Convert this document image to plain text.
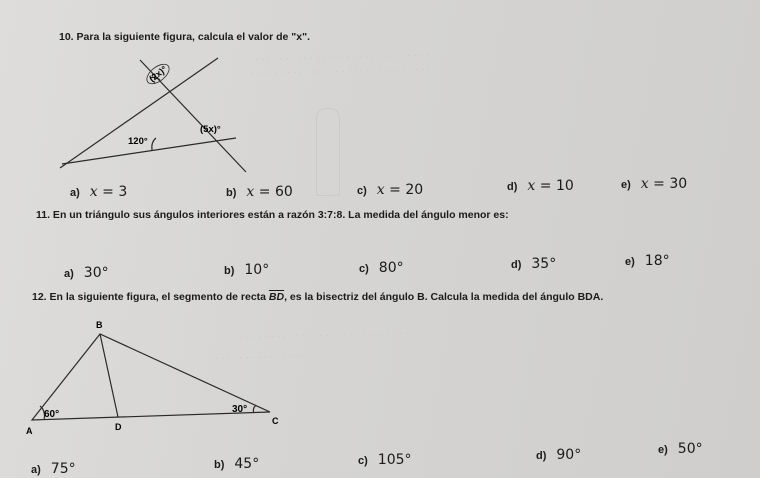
· · · · · · · · · · · · · · · · · · · · · · · · · · · · ·
· · · · · · · · · · · · · · · · · · · · · · · · · · · · · · ·
· · · · · · · · · · · · · · · · · · · · · · · · · · · ·
· · · · · · · · · · · · · · ·
10. Para la siguiente figura, calcula el valor de "x".
(2x)°
(5x)°
120°
a) x = 3	b) x = 60	c) x = 20	d) x = 10	e) x = 30
11. En un triángulo sus ángulos interiores están a razón 3:7:8. La medida del ángulo menor es:
a) 30°	b) 10°	c) 80°	d) 35°	e) 18°
12. En la siguiente figura, el segmento de recta $\overline{BD}$, es la bisectriz del ángulo B. Calcula la medida del ángulo BDA.
B
A	D
C
60°	30°
a) 75°	b) 45°	c) 105°	d) 90°	e) 50°
